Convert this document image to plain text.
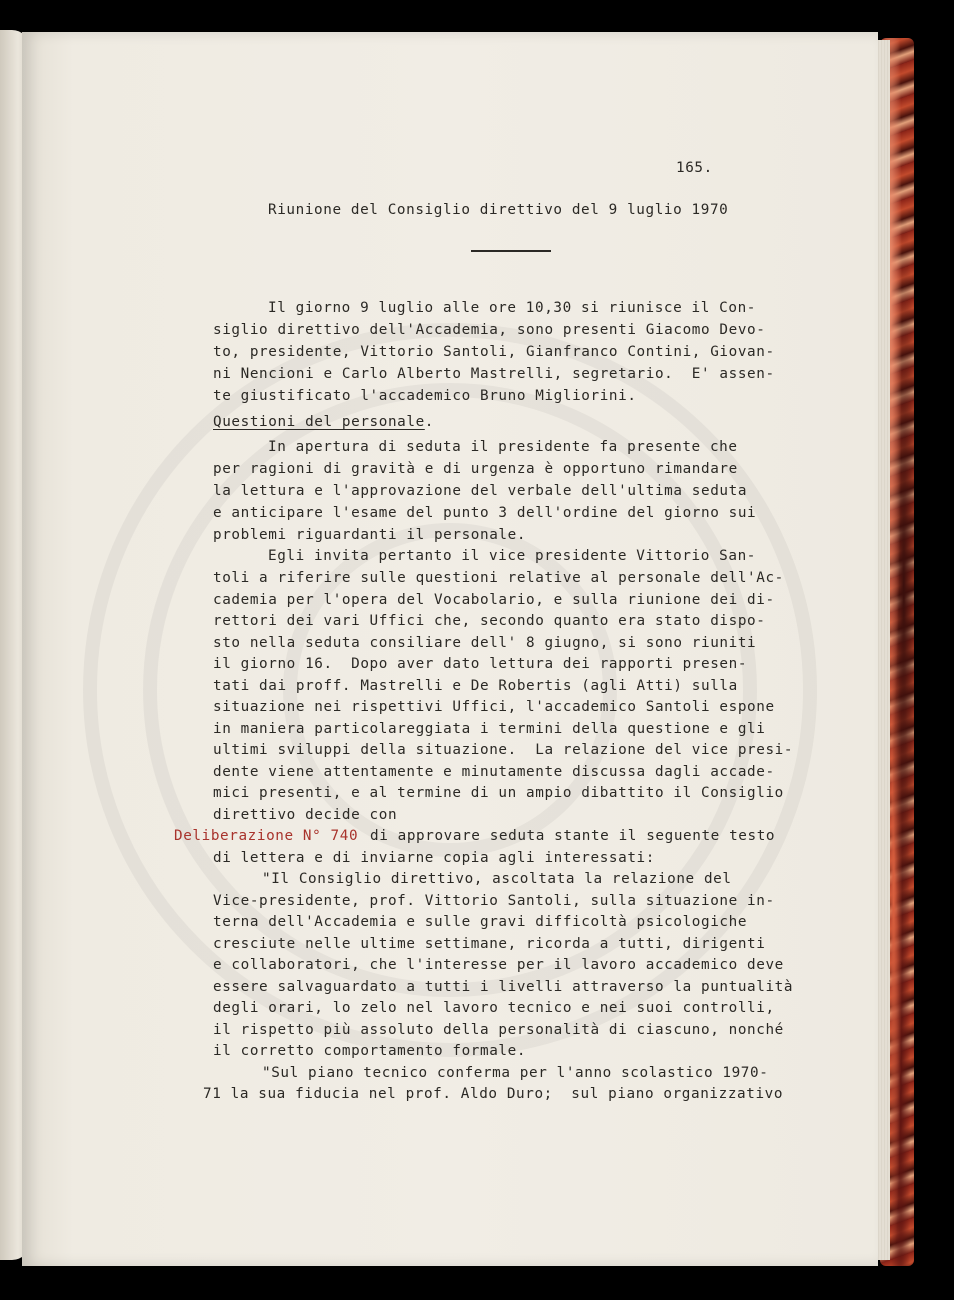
165.
Riunione del Consiglio direttivo del 9 luglio 1970
Il giorno 9 luglio alle ore 10,30 si riunisce il Con-
siglio direttivo dell'Accademia, sono presenti Giacomo Devo-
to, presidente, Vittorio Santoli, Gianfranco Contini, Giovan-
ni Nencioni e Carlo Alberto Mastrelli, segretario.  E' assen-
te giustificato l'accademico Bruno Migliorini.
Questioni del personale.
In apertura di seduta il presidente fa presente che
per ragioni di gravità e di urgenza è opportuno rimandare
la lettura e l'approvazione del verbale dell'ultima seduta
e anticipare l'esame del punto 3 dell'ordine del giorno sui
problemi riguardanti il personale.
Egli invita pertanto il vice presidente Vittorio San-
toli a riferire sulle questioni relative al personale dell'Ac-
cademia per l'opera del Vocabolario, e sulla riunione dei di-
rettori dei vari Uffici che, secondo quanto era stato dispo-
sto nella seduta consiliare dell' 8 giugno, si sono riuniti
il giorno 16.  Dopo aver dato lettura dei rapporti presen-
tati dai proff. Mastrelli e De Robertis (agli Atti) sulla
situazione nei rispettivi Uffici, l'accademico Santoli espone
in maniera particolareggiata i termini della questione e gli
ultimi sviluppi della situazione.  La relazione del vice presi-
dente viene attentamente e minutamente discussa dagli accade-
mici presenti, e al termine di un ampio dibattito il Consiglio
direttivo decide con
Deliberazione N° 740 di approvare seduta stante il seguente testo
di lettera e di inviarne copia agli interessati:
"Il Consiglio direttivo, ascoltata la relazione del
Vice-presidente, prof. Vittorio Santoli, sulla situazione in-
terna dell'Accademia e sulle gravi difficoltà psicologiche
cresciute nelle ultime settimane, ricorda a tutti, dirigenti
e collaboratori, che l'interesse per il lavoro accademico deve
essere salvaguardato a tutti i livelli attraverso la puntualità
degli orari, lo zelo nel lavoro tecnico e nei suoi controlli,
il rispetto più assoluto della personalità di ciascuno, nonché
il corretto comportamento formale.
"Sul piano tecnico conferma per l'anno scolastico 1970-
71 la sua fiducia nel prof. Aldo Duro;  sul piano organizzativo
